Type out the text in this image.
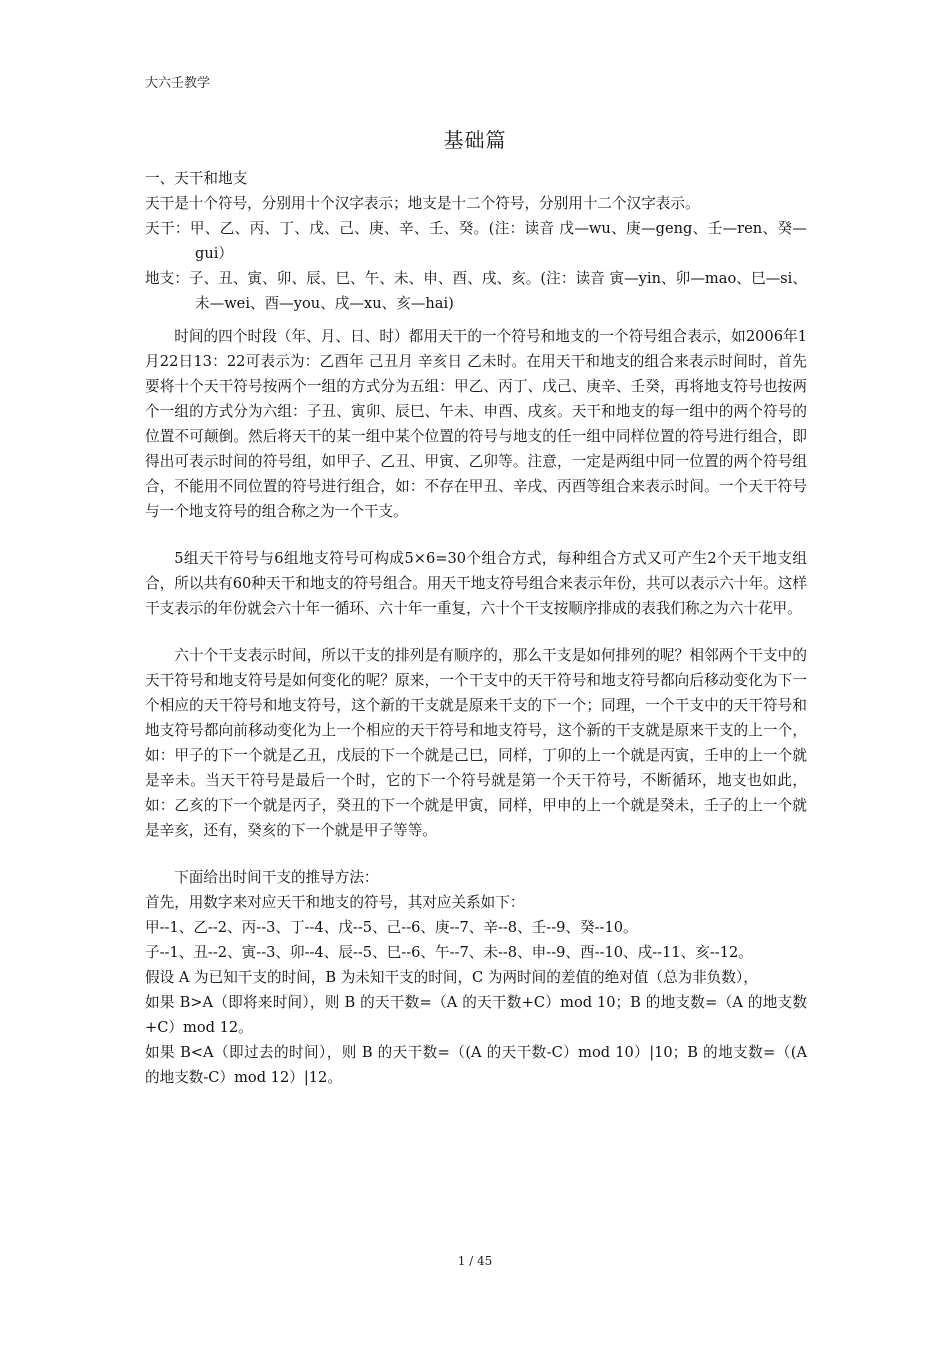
大六壬教学
基础篇

一、天干和地支

天干是十个符号，分别用十个汉字表示；地支是十二个符号，分别用十二个汉字表示。

天干：甲、乙、丙、丁、戊、己、庚、辛、壬、癸。(注：读音 戊—wu、庚—geng、壬—ren、癸—gui）

地支：子、丑、寅、卯、辰、巳、午、未、申、酉、戌、亥。(注：读音 寅—yin、卯—mao、巳—si、未—wei、酉—you、戌—xu、亥—hai)

时间的四个时段（年、月、日、时）都用天干的一个符号和地支的一个符号组合表示，如2006年1月22日13：22可表示为：乙酉年 己丑月 辛亥日 乙未时。在用天干和地支的组合来表示时间时，首先要将十个天干符号按两个一组的方式分为五组：甲乙、丙丁、戊己、庚辛、壬癸，再将地支符号也按两个一组的方式分为六组：子丑、寅卯、辰巳、午未、申酉、戌亥。天干和地支的每一组中的两个符号的位置不可颠倒。然后将天干的某一组中某个位置的符号与地支的任一组中同样位置的符号进行组合，即得出可表示时间的符号组，如甲子、乙丑、甲寅、乙卯等。注意，一定是两组中同一位置的两个符号组合，不能用不同位置的符号进行组合，如：不存在甲丑、辛戌、丙酉等组合来表示时间。一个天干符号与一个地支符号的组合称之为一个干支。

5组天干符号与6组地支符号可构成5×6=30个组合方式，每种组合方式又可产生2个天干地支组合，所以共有60种天干和地支的符号组合。用天干地支符号组合来表示年份，共可以表示六十年。这样干支表示的年份就会六十年一循环、六十年一重复，六十个干支按顺序排成的表我们称之为六十花甲。

六十个干支表示时间，所以干支的排列是有顺序的，那么干支是如何排列的呢？相邻两个干支中的天干符号和地支符号是如何变化的呢？原来，一个干支中的天干符号和地支符号都向后移动变化为下一个相应的天干符号和地支符号，这个新的干支就是原来干支的下一个；同理，一个干支中的天干符号和地支符号都向前移动变化为上一个相应的天干符号和地支符号，这个新的干支就是原来干支的上一个，如：甲子的下一个就是乙丑，戊辰的下一个就是己巳，同样，丁卯的上一个就是丙寅，壬申的上一个就是辛未。当天干符号是最后一个时，它的下一个符号就是第一个天干符号，不断循环，地支也如此，如：乙亥的下一个就是丙子，癸丑的下一个就是甲寅，同样，甲申的上一个就是癸未，壬子的上一个就是辛亥，还有，癸亥的下一个就是甲子等等。

下面给出时间干支的推导方法：

首先，用数字来对应天干和地支的符号，其对应关系如下：

甲--1、乙--2、丙--3、丁--4、戊--5、己--6、庚--7、辛--8、壬--9、癸--10。

子--1、丑--2、寅--3、卯--4、辰--5、巳--6、午--7、未--8、申--9、酉--10、戌--11、亥--12。

假设 A 为已知干支的时间，B 为未知干支的时间，C 为两时间的差值的绝对值（总为非负数），

如果 B>A（即将来时间），则 B 的天干数=（A 的天干数+C）mod 10；B 的地支数=（A 的地支数+C）mod 12。

如果 B<A（即过去的时间），则 B 的天干数=（(A 的天干数-C）mod 10）|10；B 的地支数=（(A 的地支数-C）mod 12）|12。

1 / 45
